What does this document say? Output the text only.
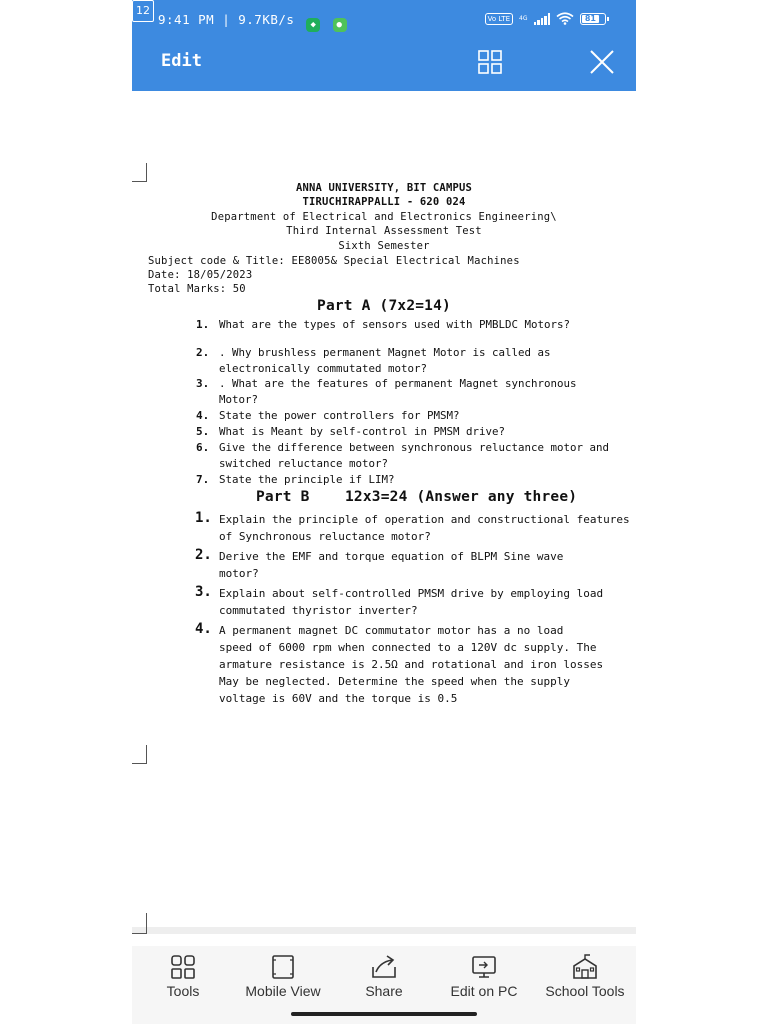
9:41 PM | 9.7KB/s ◆ ●
Vo LTE	4G	81
Edit
12
ANNA UNIVERSITY, BIT CAMPUS
TIRUCHIRAPPALLI - 620 024
Department of Electrical and Electronics Engineering\
Third Internal Assessment Test
Sixth Semester
Subject code & Title: EE8005& Special Electrical Machines
Date: 18/05/2023
Total Marks: 50
Part A (7x2=14)
1. What are the types of sensors used with PMBLDC Motors?
2. . Why brushless permanent Magnet Motor is called as
electronically commutated motor?
3. . What are the features of permanent Magnet synchronous
Motor?
4. State the power controllers for PMSM?
5. What is Meant by self-control in PMSM drive?
6. Give the difference between synchronous reluctance motor and
switched reluctance motor?
7. State the principle if LIM?
Part B 12x3=24 (Answer any three)
1. Explain the principle of operation and constructional features
of Synchronous reluctance motor?
2. Derive the EMF and torque equation of BLPM Sine wave
motor?
3. Explain about self-controlled PMSM drive by employing load
commutated thyristor inverter?
4. A permanent magnet DC commutator motor has a no load
speed of 6000 rpm when connected to a 120V dc supply. The
armature resistance is 2.5Ω and rotational and iron losses
May be neglected. Determine the speed when the supply
voltage is 60V and the torque is 0.5
Tools	Mobile View	Share	Edit on PC	School Tools
